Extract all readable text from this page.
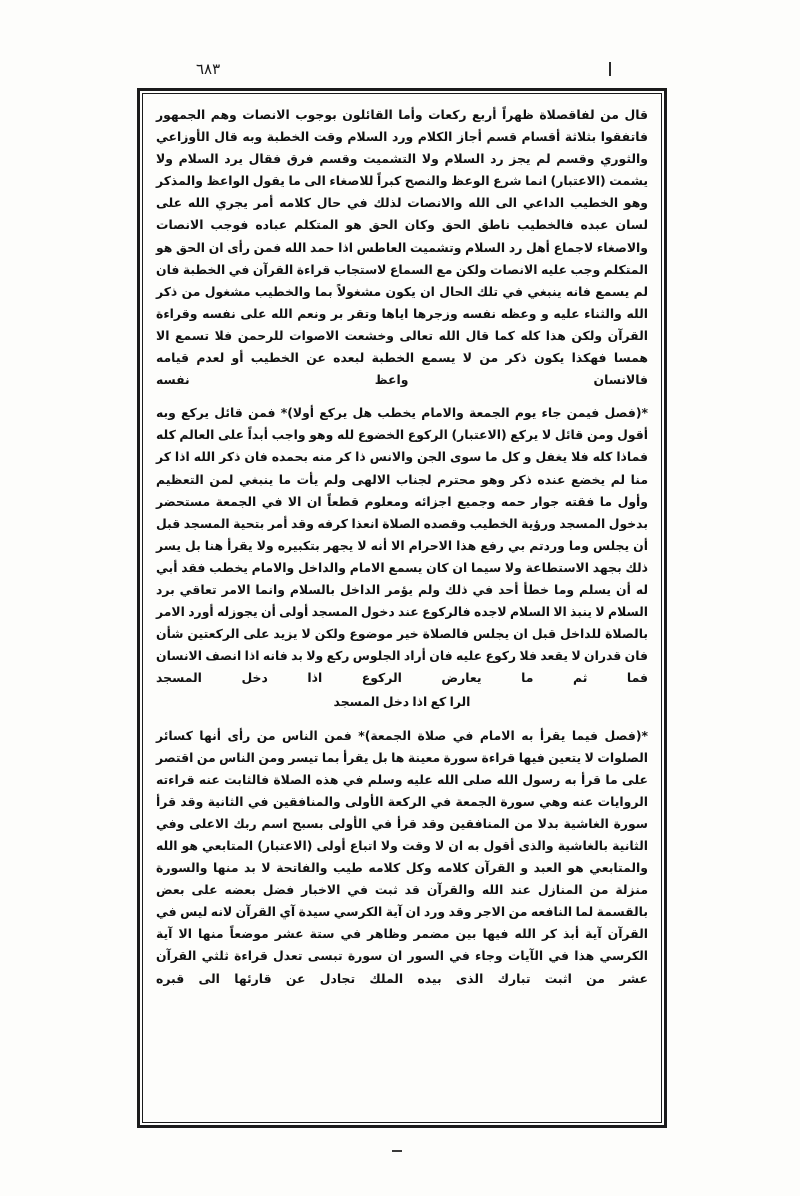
٦٨٣

قال من لفاقصلاة ظهراً أربع ركعات وأما القائلون بوجوب الانصات وهم الجمهور فاتفقوا بثلاثة أقسام قسم أجاز الكلام ورد السلام وقت الخطبة وبه قال الأوزاعي والثوري وقسم لم يجز رد السلام ولا التشميت وقسم فرق فقال يرد السلام ولا يشمت (الاعتبار) انما شرع الوعظ والنصح كبراً للاصغاء الى ما يقول الواعظ والمذكر وهو الخطيب الداعي الى الله والانصات لذلك في حال كلامه أمر يجري الله على لسان عبده فالخطيب ناطق الحق وكان الحق هو المتكلم عباده فوجب الانصات والاصغاء لاجماع أهل رد السلام وتشميت العاطس اذا حمد الله فمن رأى ان الحق هو المتكلم وجب عليه الانصات ولكن مع السماع لاستجاب قراءة القرآن في الخطبة فان لم يسمع فانه ينبغي في تلك الحال ان يكون مشغولاً بما والخطيب مشغول من ذكر الله والثناء عليه و وعظه نفسه وزجرها اياها وتقر بر ونعم الله على نفسه وقراءة القرآن ولكن هذا كله كما قال الله تعالى وخشعت الاصوات للرحمن فلا تسمع الا همسا فهكذا يكون ذكر من لا يسمع الخطبة لبعده عن الخطيب أو لعدم قيامه فالانسان واعظ نفسه

*(فصل فيمن جاء يوم الجمعة والامام يخطب هل يركع أولا)* فمن قائل يركع وبه أقول ومن قائل لا يركع (الاعتبار) الركوع الخضوع لله وهو واجب أبداً على العالم كله فماذا كله فلا يغفل و كل ما سوى الجن والانس ذا كر منه بحمده فان ذكر الله اذا كر منا لم يخضع عنده ذكر وهو محترم لجناب الالهى ولم يأت ما ينبغي لمن التعظيم وأول ما فقته جوار حمه وجميع اجزائه ومعلوم قطعاً ان الا في الجمعة مستحضر بدخول المسجد ورؤية الخطيب وقصده الصلاة انعذا كرفه وقد أمر بتحية المسجد قبل أن يجلس وما وردتم بي رفع هذا الاحرام الا أنه لا يجهر بتكبيره ولا يقرأ هنا بل يسر ذلك بجهد الاستطاعة ولا سيما ان كان يسمع الامام والداخل والامام يخطب فقد أبي له أن يسلم وما خطأ أحد في ذلك ولم يؤمر الداخل بالسلام وانما الامر تعاقي برد السلام لا ينبذ الا السلام لاجده فالركوع عند دخول المسجد أولى أن يجوزله أورد الامر بالصلاة للداخل قبل ان يجلس فالصلاة خير موضوع ولكن لا يزيد على الركعتين شأن فان قدران لا يقعد فلا ركوع عليه فان أراد الجلوس ركع ولا بد فانه اذا انصف الانسان فما ثم ما يعارض الركوع اذا دخل المسجد

الرا كع اذا دخل المسجد

*(فصل فيما يقرأ به الامام في صلاة الجمعة)* فمن الناس من رأى أنها كسائر الصلوات لا يتعين فيها قراءة سورة معينة ها بل يقرأ بما تيسر ومن الناس من اقتصر على ما قرأ به رسول الله صلى الله عليه وسلم في هذه الصلاة فالثابت عنه قراءته الروايات عنه وهي سورة الجمعة في الركعة الأولى والمنافقين في الثانية وقد قرأ سورة الغاشية بدلا من المنافقين وقد قرأ في الأولى بسبح اسم ربك الاعلى وفي الثانية بالغاشية والذى أقول به ان لا وقت ولا اتباع أولى (الاعتبار) المتابعي هو الله والمتابعي هو العبد و القرآن كلامه وكل كلامه طيب والفاتحة لا بد منها والسورة منزلة من المنازل عند الله والقرآن قد ثبت في الاخبار فضل بعضه على بعض بالقسمة لما النافعه من الاجر وقد ورد ان آية الكرسي سيدة آي القرآن لانه ليس في القرآن آية أبذ كر الله فيها بين مضمر وظاهر في ستة عشر موضعاً منها الا آية الكرسي هذا في الآيات وجاء في السور ان سورة تبسى تعدل قراءة ثلثي القرآن عشر من اثبت تبارك الذى بيده الملك تجادل عن قارئها الى قبره
